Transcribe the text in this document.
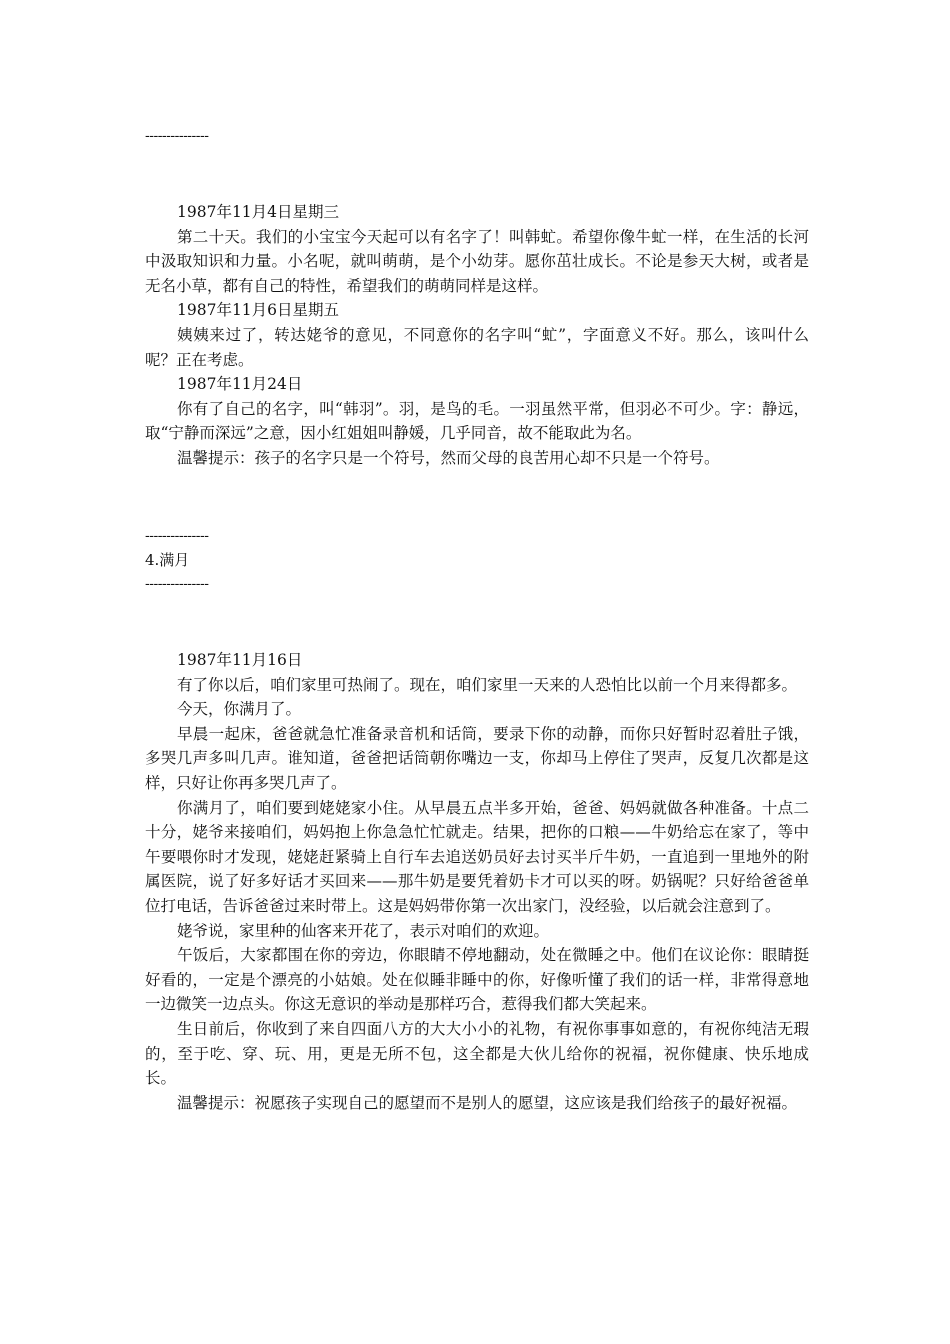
---------------

1987年11月4日星期三

第二十天。我们的小宝宝今天起可以有名字了！叫韩虻。希望你像牛虻一样，在生活的长河中汲取知识和力量。小名呢，就叫萌萌，是个小幼芽。愿你茁壮成长。不论是参天大树，或者是无名小草，都有自己的特性，希望我们的萌萌同样是这样。

1987年11月6日星期五

姨姨来过了，转达姥爷的意见，不同意你的名字叫“虻”，字面意义不好。那么，该叫什么呢？正在考虑。

1987年11月24日

你有了自己的名字，叫“韩羽”。羽，是鸟的毛。一羽虽然平常，但羽必不可少。字：静远，取“宁静而深远”之意，因小红姐姐叫静媛，几乎同音，故不能取此为名。

温馨提示：孩子的名字只是一个符号，然而父母的良苦用心却不只是一个符号。

---------------
4.满月
---------------

1987年11月16日

有了你以后，咱们家里可热闹了。现在，咱们家里一天来的人恐怕比以前一个月来得都多。

今天，你满月了。

早晨一起床，爸爸就急忙准备录音机和话筒，要录下你的动静，而你只好暂时忍着肚子饿，多哭几声多叫几声。谁知道，爸爸把话筒朝你嘴边一支，你却马上停住了哭声，反复几次都是这样，只好让你再多哭几声了。

你满月了，咱们要到姥姥家小住。从早晨五点半多开始，爸爸、妈妈就做各种准备。十点二十分，姥爷来接咱们，妈妈抱上你急急忙忙就走。结果，把你的口粮——牛奶给忘在家了，等中午要喂你时才发现，姥姥赶紧骑上自行车去追送奶员好去讨买半斤牛奶，一直追到一里地外的附属医院，说了好多好话才买回来——那牛奶是要凭着奶卡才可以买的呀。奶锅呢？只好给爸爸单位打电话，告诉爸爸过来时带上。这是妈妈带你第一次出家门，没经验，以后就会注意到了。

姥爷说，家里种的仙客来开花了，表示对咱们的欢迎。

午饭后，大家都围在你的旁边，你眼睛不停地翻动，处在微睡之中。他们在议论你：眼睛挺好看的，一定是个漂亮的小姑娘。处在似睡非睡中的你，好像听懂了我们的话一样，非常得意地一边微笑一边点头。你这无意识的举动是那样巧合，惹得我们都大笑起来。

生日前后，你收到了来自四面八方的大大小小的礼物，有祝你事事如意的，有祝你纯洁无瑕的，至于吃、穿、玩、用，更是无所不包，这全都是大伙儿给你的祝福，祝你健康、快乐地成长。

温馨提示：祝愿孩子实现自己的愿望而不是别人的愿望，这应该是我们给孩子的最好祝福。
